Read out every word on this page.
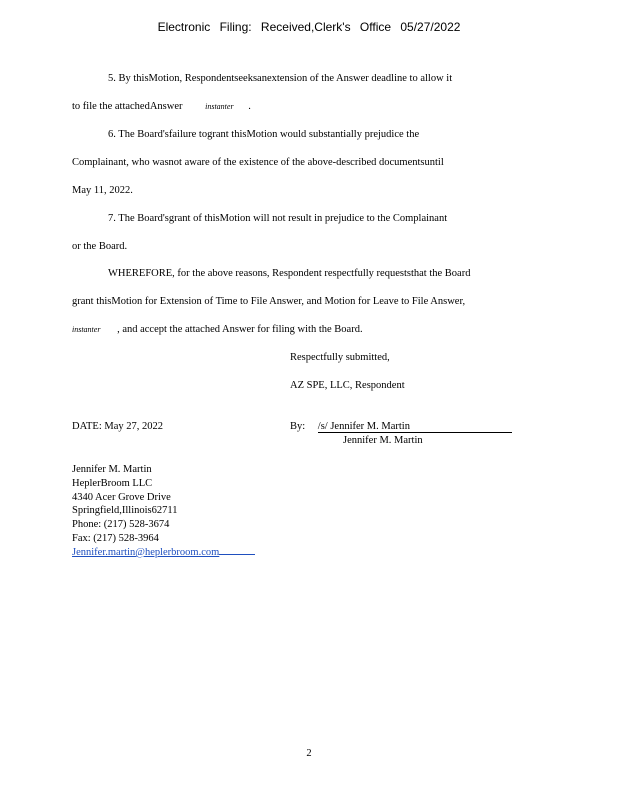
Electronic Filing: Received,Clerk's Office 05/27/2022
5. By thisMotion, Respondentseeksanextension of the Answer deadline to allow it
to file the attachedAnswer	instanter .
6. The Board'sfailure togrant thisMotion would substantially prejudice the
Complainant, who wasnot aware of the existence of the above-described documentsuntil
May 11, 2022.
7. The Board'sgrant of thisMotion will not result in prejudice to the Complainant
or the Board.
WHEREFORE, for the above reasons, Respondent respectfully requeststhat the Board
grant thisMotion for Extension of Time to File Answer, and Motion for Leave to File Answer,
instanter , and accept the attached Answer for filing with the Board.
Respectfully submitted,
AZ SPE, LLC, Respondent
DATE: May 27, 2022	By: /s/ Jennifer M. Martin
Jennifer M. Martin
Jennifer M. Martin
HeplerBroom LLC
4340 Acer Grove Drive
Springfield,Illinois62711
Phone: (217) 528-3674
Fax: (217) 528-3964
Jennifer.martin@heplerbroom.com
2
